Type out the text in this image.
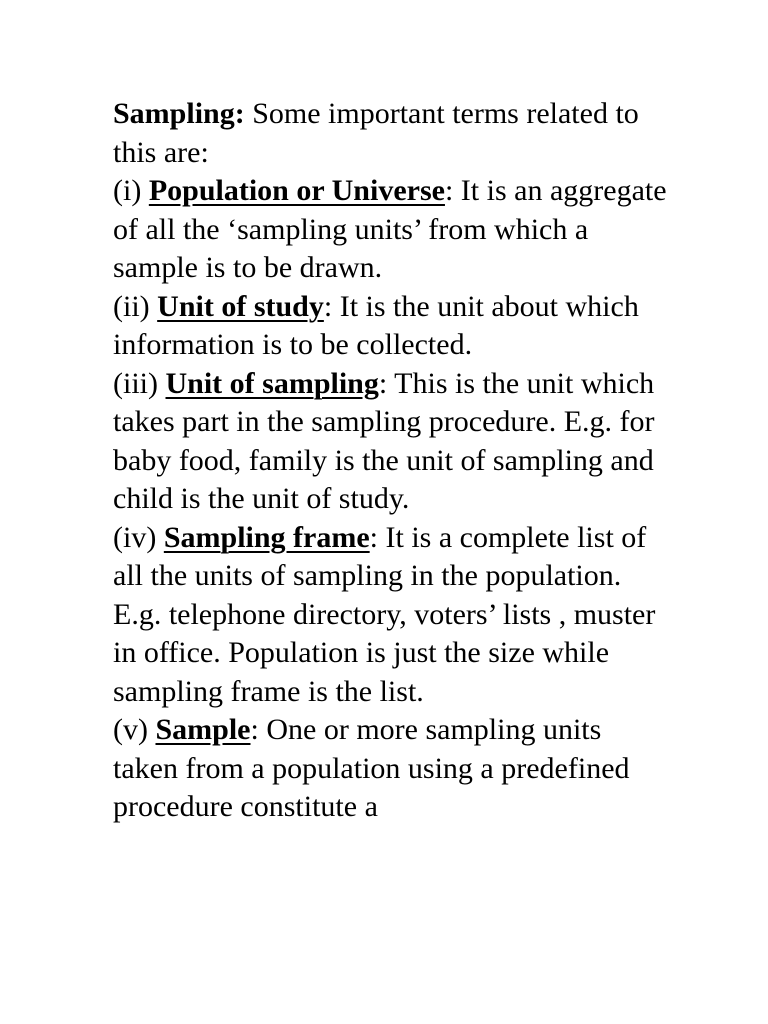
Sampling: Some important terms related to this are:

(i) Population or Universe: It is an aggregate of all the ‘sampling units’ from which a sample is to be drawn.

(ii) Unit of study: It is the unit about which information is to be collected.

(iii) Unit of sampling: This is the unit which takes part in the sampling procedure. E.g. for baby food, family is the unit of sampling and child is the unit of study.

(iv) Sampling frame: It is a complete list of all the units of sampling in the population. E.g. telephone directory, voters’ lists , muster in office. Population is just the size while sampling frame is the list.

(v) Sample: One or more sampling units taken from a population using a predefined procedure constitute a
